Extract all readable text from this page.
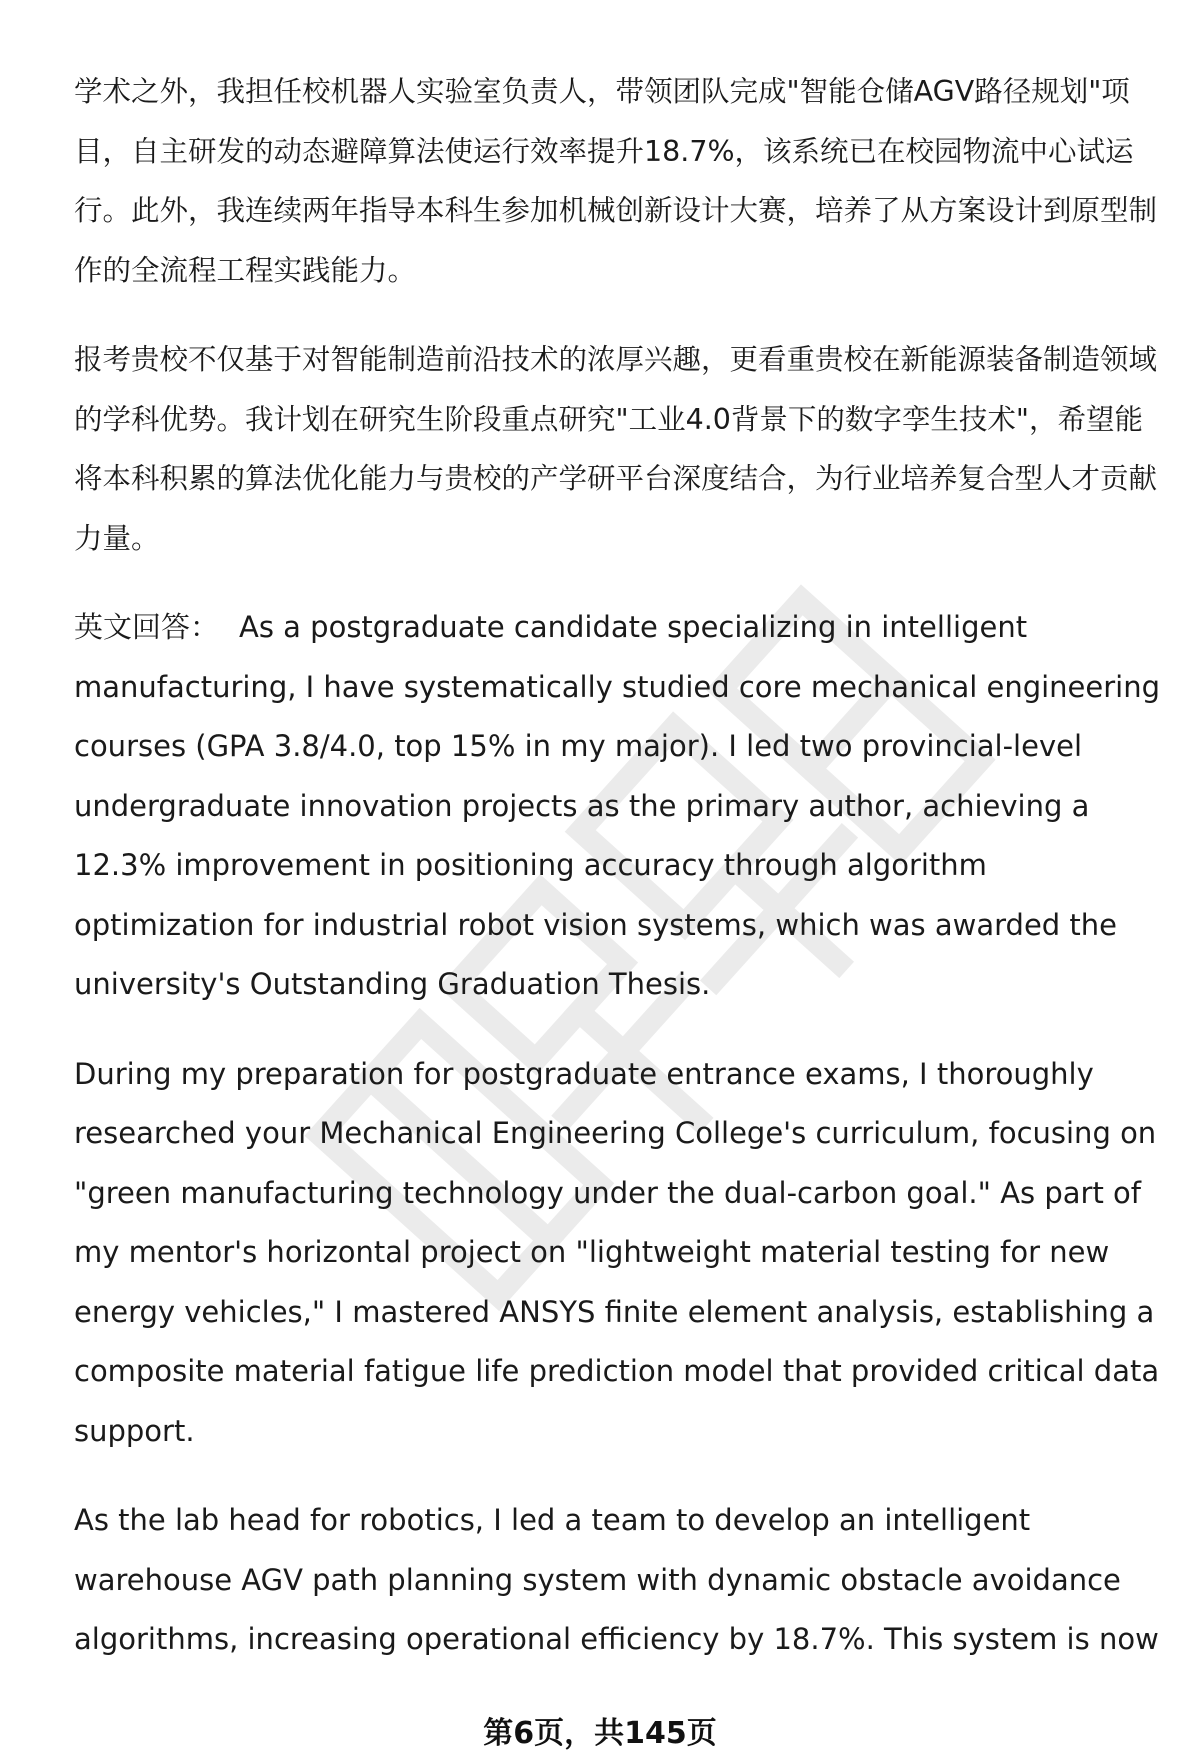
学术之外，我担任校机器人实验室负责人，带领团队完成"智能仓储AGV路径规划"项目，自主研发的动态避障算法使运行效率提升18.7%，该系统已在校园物流中心试运行。此外，我连续两年指导本科生参加机械创新设计大赛，培养了从方案设计到原型制作的全流程工程实践能力。

报考贵校不仅基于对智能制造前沿技术的浓厚兴趣，更看重贵校在新能源装备制造领域的学科优势。我计划在研究生阶段重点研究"工业4.0背景下的数字孪生技术"，希望能将本科积累的算法优化能力与贵校的产学研平台深度结合，为行业培养复合型人才贡献力量。

英文回答： As a postgraduate candidate specializing in intelligent manufacturing, I have systematically studied core mechanical engineering courses (GPA 3.8/4.0, top 15% in my major). I led two provincial-level undergraduate innovation projects as the primary author, achieving a 12.3% improvement in positioning accuracy through algorithm optimization for industrial robot vision systems, which was awarded the university's Outstanding Graduation Thesis.

During my preparation for postgraduate entrance exams, I thoroughly researched your Mechanical Engineering College's curriculum, focusing on "green manufacturing technology under the dual-carbon goal." As part of my mentor's horizontal project on "lightweight material testing for new energy vehicles," I mastered ANSYS finite element analysis, establishing a composite material fatigue life prediction model that provided critical data support.

As the lab head for robotics, I led a team to develop an intelligent warehouse AGV path planning system with dynamic obstacle avoidance algorithms, increasing operational efficiency by 18.7%. This system is now

第6页，共145页
